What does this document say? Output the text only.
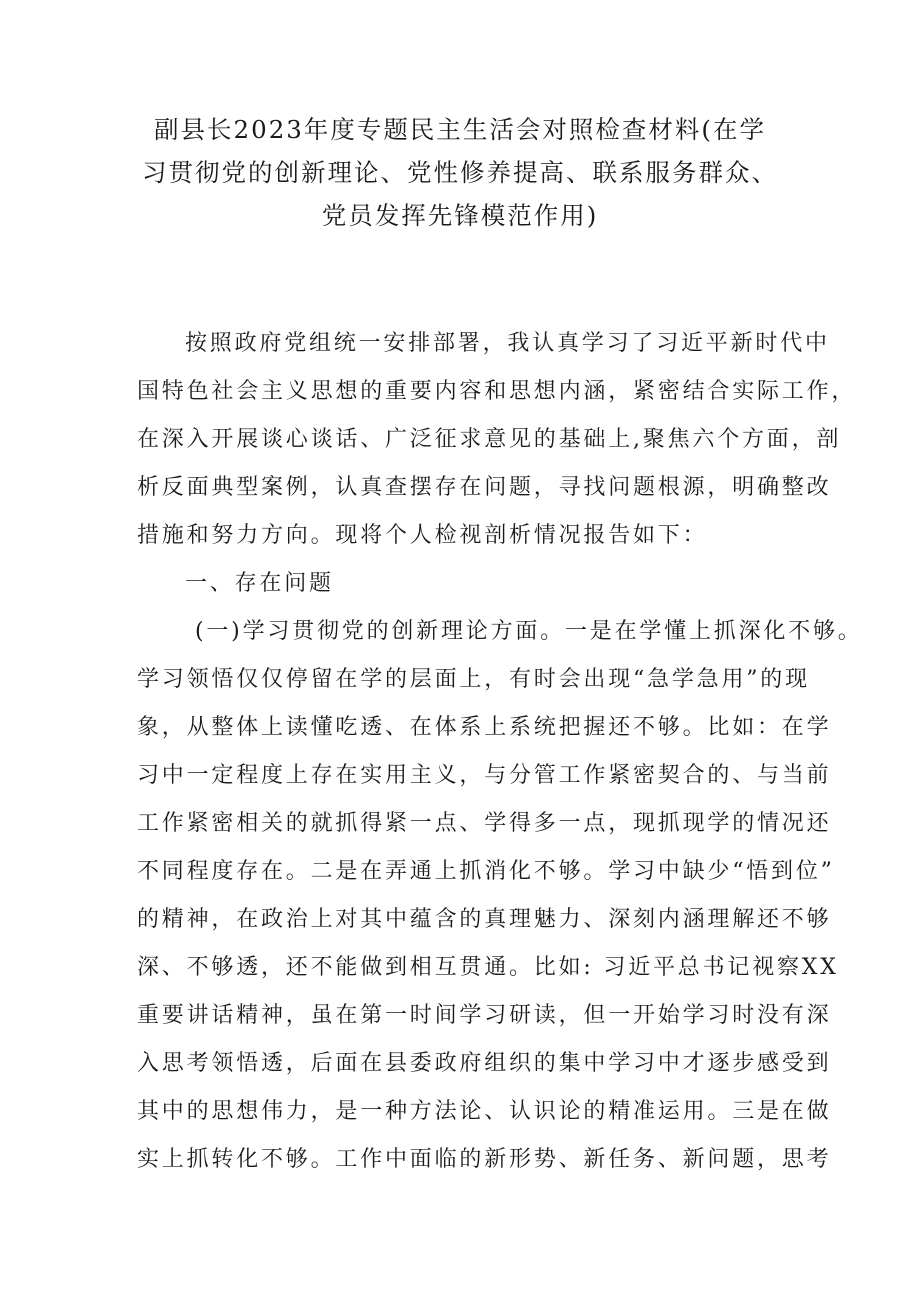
副县长2023年度专题民主生活会对照检查材料(在学
习贯彻党的创新理论、党性修养提高、联系服务群众、
党员发挥先锋模范作用)
按照政府党组统一安排部署，我认真学习了习近平新时代中
国特色社会主义思想的重要内容和思想内涵，紧密结合实际工作，
在深入开展谈心谈话、广泛征求意见的基础上,聚焦六个方面，剖
析反面典型案例，认真查摆存在问题，寻找问题根源，明确整改
措施和努力方向。现将个人检视剖析情况报告如下：
一、存在问题
(一)学习贯彻党的创新理论方面。一是在学懂上抓深化不够。
学习领悟仅仅停留在学的层面上，有时会出现“急学急用”的现
象，从整体上读懂吃透、在体系上系统把握还不够。比如：在学
习中一定程度上存在实用主义，与分管工作紧密契合的、与当前
工作紧密相关的就抓得紧一点、学得多一点，现抓现学的情况还
不同程度存在。二是在弄通上抓消化不够。学习中缺少“悟到位”
的精神，在政治上对其中蕴含的真理魅力、深刻内涵理解还不够
深、不够透，还不能做到相互贯通。比如: 习近平总书记视察XX
重要讲话精神，虽在第一时间学习研读，但一开始学习时没有深
入思考领悟透，后面在县委政府组织的集中学习中才逐步感受到
其中的思想伟力，是一种方法论、认识论的精准运用。三是在做
实上抓转化不够。工作中面临的新形势、新任务、新问题，思考
